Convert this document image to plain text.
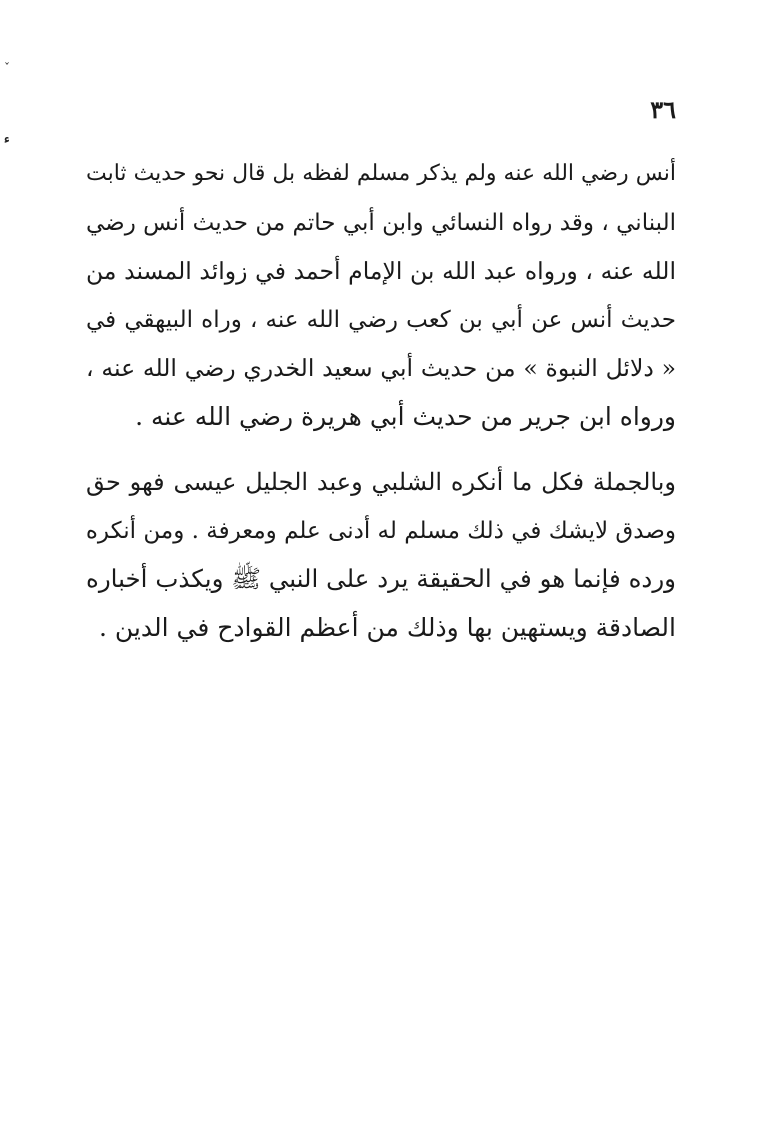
ˇ
ء
٣٦
أنس رضي الله عنه ولم يذكر مسلم لفظه بل قال نحو حديث ثابت
البناني ، وقد رواه النسائي وابن أبي حاتم من حديث أنس رضي
الله عنه ، ورواه عبد الله بن الإمام أحمد في زوائد المسند من
حديث أنس عن أبي بن كعب رضي الله عنه ، وراه البيهقي في
« دلائل النبوة » من حديث أبي سعيد الخدري رضي الله عنه ،
ورواه ابن جرير من حديث أبي هريرة رضي الله عنه .
وبالجملة فكل ما أنكره الشلبي وعبد الجليل عيسى فهو حق
وصدق لايشك في ذلك مسلم له أدنى علم ومعرفة . ومن أنكره
ورده فإنما هو في الحقيقة يرد على النبي ﷺ ويكذب أخباره
الصادقة ويستهين بها وذلك من أعظم القوادح في الدين .
